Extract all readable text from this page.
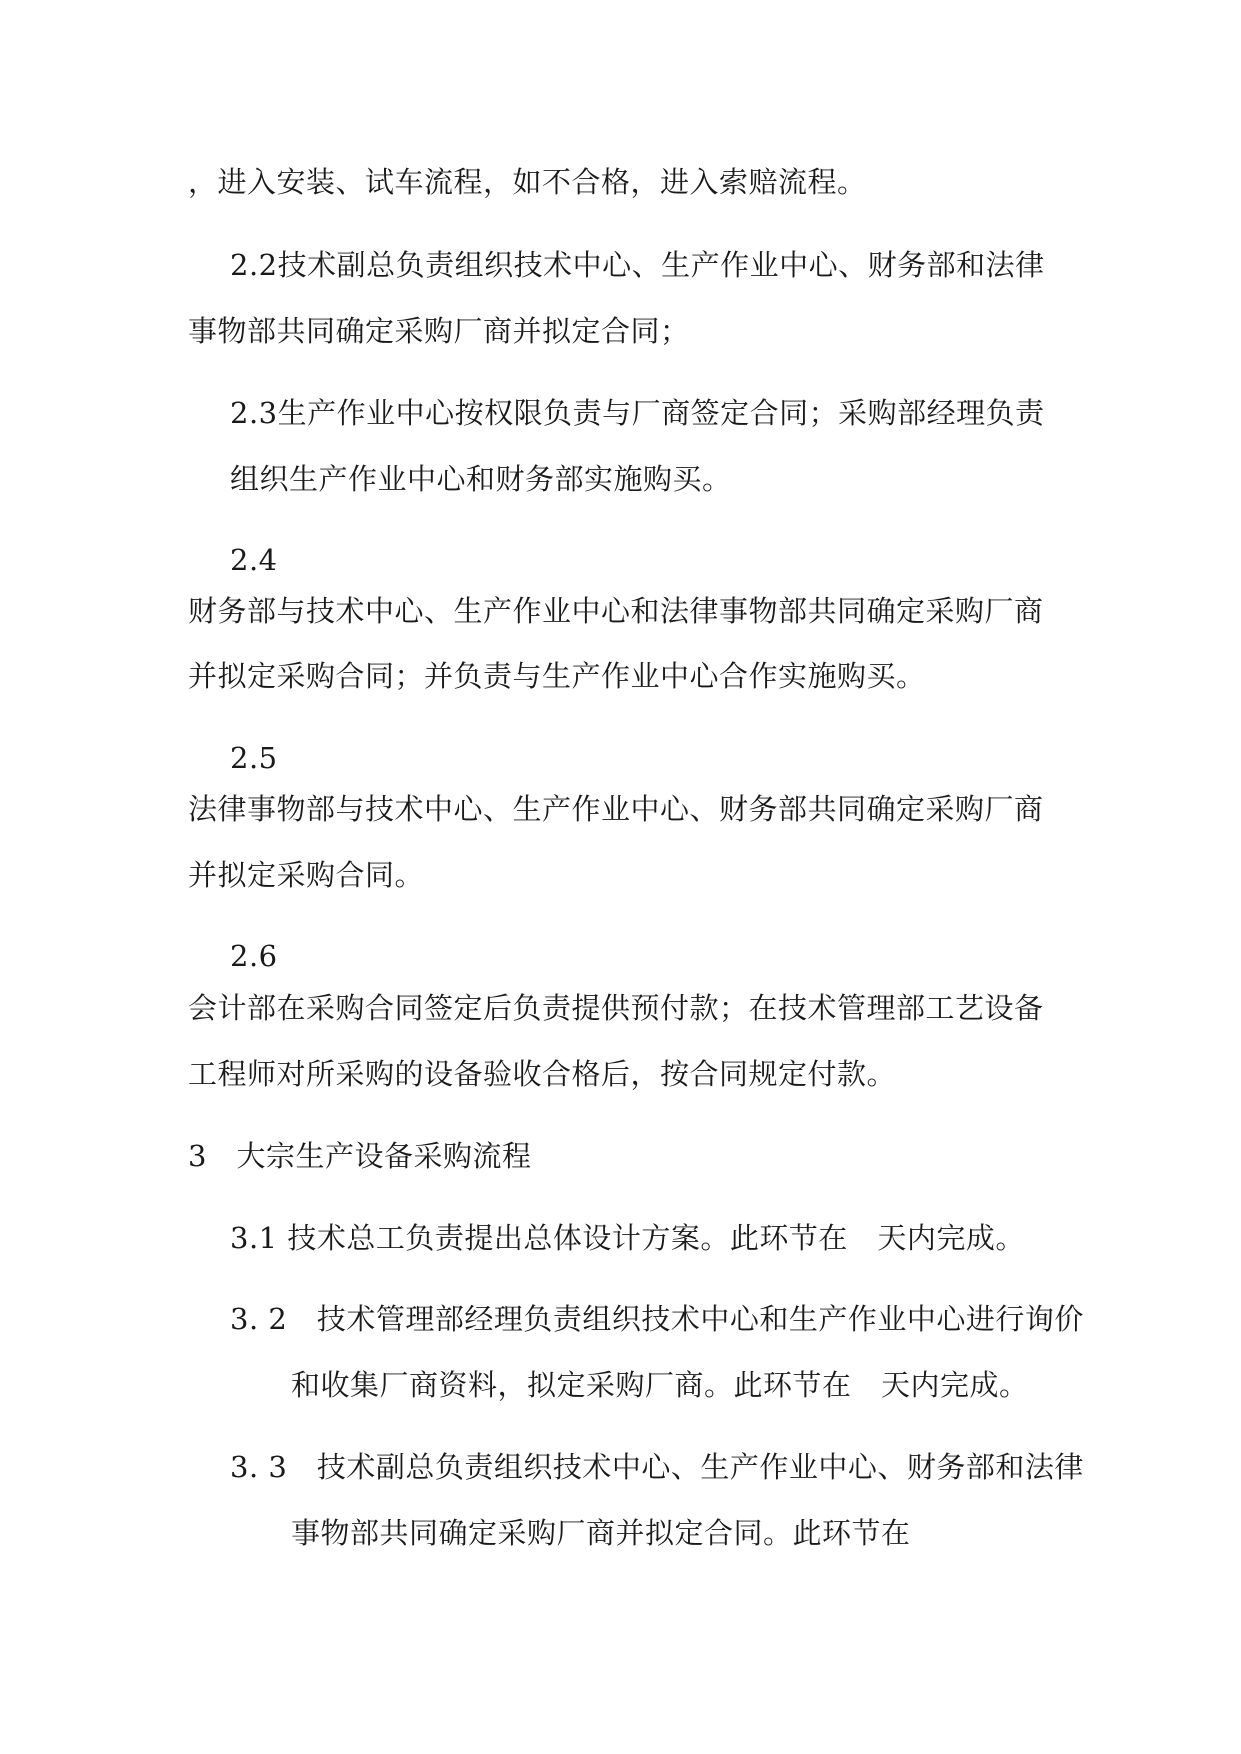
，进入安装、试车流程，如不合格，进入索赔流程。
2.2技术副总负责组织技术中心、生产作业中心、财务部和法律
事物部共同确定采购厂商并拟定合同；
2.3生产作业中心按权限负责与厂商签定合同；采购部经理负责
组织生产作业中心和财务部实施购买。
2.4
财务部与技术中心、生产作业中心和法律事物部共同确定采购厂商
并拟定采购合同；并负责与生产作业中心合作实施购买。
2.5
法律事物部与技术中心、生产作业中心、财务部共同确定采购厂商
并拟定采购合同。
2.6
会计部在采购合同签定后负责提供预付款；在技术管理部工艺设备
工程师对所采购的设备验收合格后，按合同规定付款。
3　大宗生产设备采购流程
3.1 技术总工负责提出总体设计方案。此环节在　天内完成。
3. 2　技术管理部经理负责组织技术中心和生产作业中心进行询价
和收集厂商资料，拟定采购厂商。此环节在　天内完成。
3. 3　技术副总负责组织技术中心、生产作业中心、财务部和法律
事物部共同确定采购厂商并拟定合同。此环节在
